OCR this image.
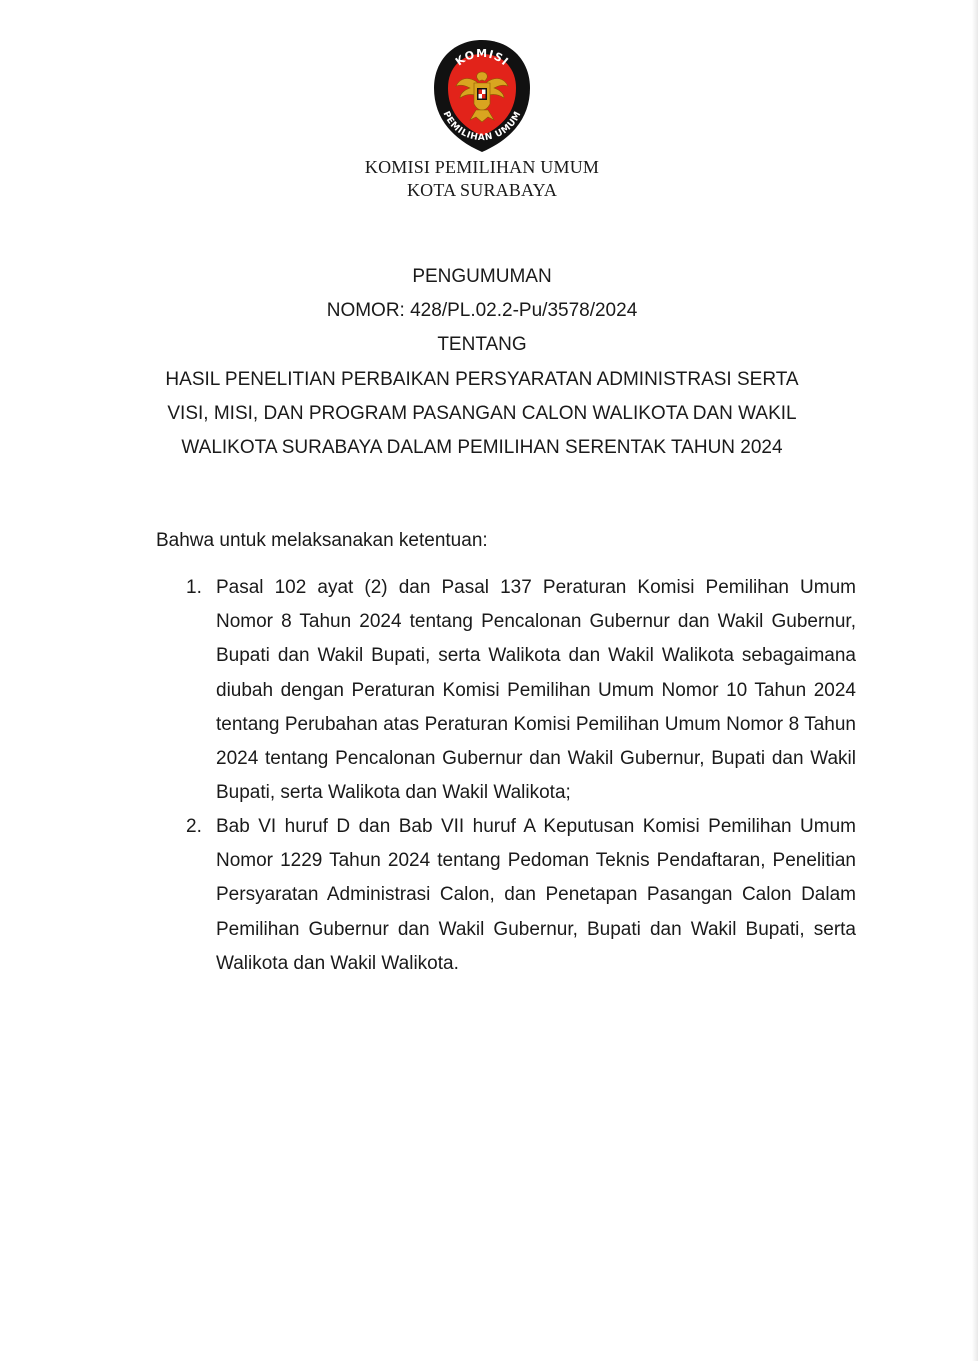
KOMISI
PEMILIHAN UMUM
KOMISI PEMILIHAN UMUM
KOTA SURABAYA
PENGUMUMAN
NOMOR: 428/PL.02.2-Pu/3578/2024
TENTANG
HASIL PENELITIAN PERBAIKAN PERSYARATAN ADMINISTRASI SERTA
VISI, MISI, DAN PROGRAM PASANGAN CALON WALIKOTA DAN WAKIL
WALIKOTA SURABAYA DALAM PEMILIHAN SERENTAK TAHUN 2024
Bahwa untuk melaksanakan ketentuan:
1. Pasal 102 ayat (2) dan Pasal 137 Peraturan Komisi Pemilihan Umum Nomor 8 Tahun 2024 tentang Pencalonan Gubernur dan Wakil Gubernur, Bupati dan Wakil Bupati, serta Walikota dan Wakil Walikota sebagaimana diubah dengan Peraturan Komisi Pemilihan Umum Nomor 10 Tahun 2024 tentang Perubahan atas Peraturan Komisi Pemilihan Umum Nomor 8 Tahun 2024 tentang Pencalonan Gubernur dan Wakil Gubernur, Bupati dan Wakil Bupati, serta Walikota dan Wakil Walikota;
2. Bab VI huruf D dan Bab VII huruf A Keputusan Komisi Pemilihan Umum Nomor 1229 Tahun 2024 tentang Pedoman Teknis Pendaftaran, Penelitian Persyaratan Administrasi Calon, dan Penetapan Pasangan Calon Dalam Pemilihan Gubernur dan Wakil Gubernur, Bupati dan Wakil Bupati, serta Walikota dan Wakil Walikota.
